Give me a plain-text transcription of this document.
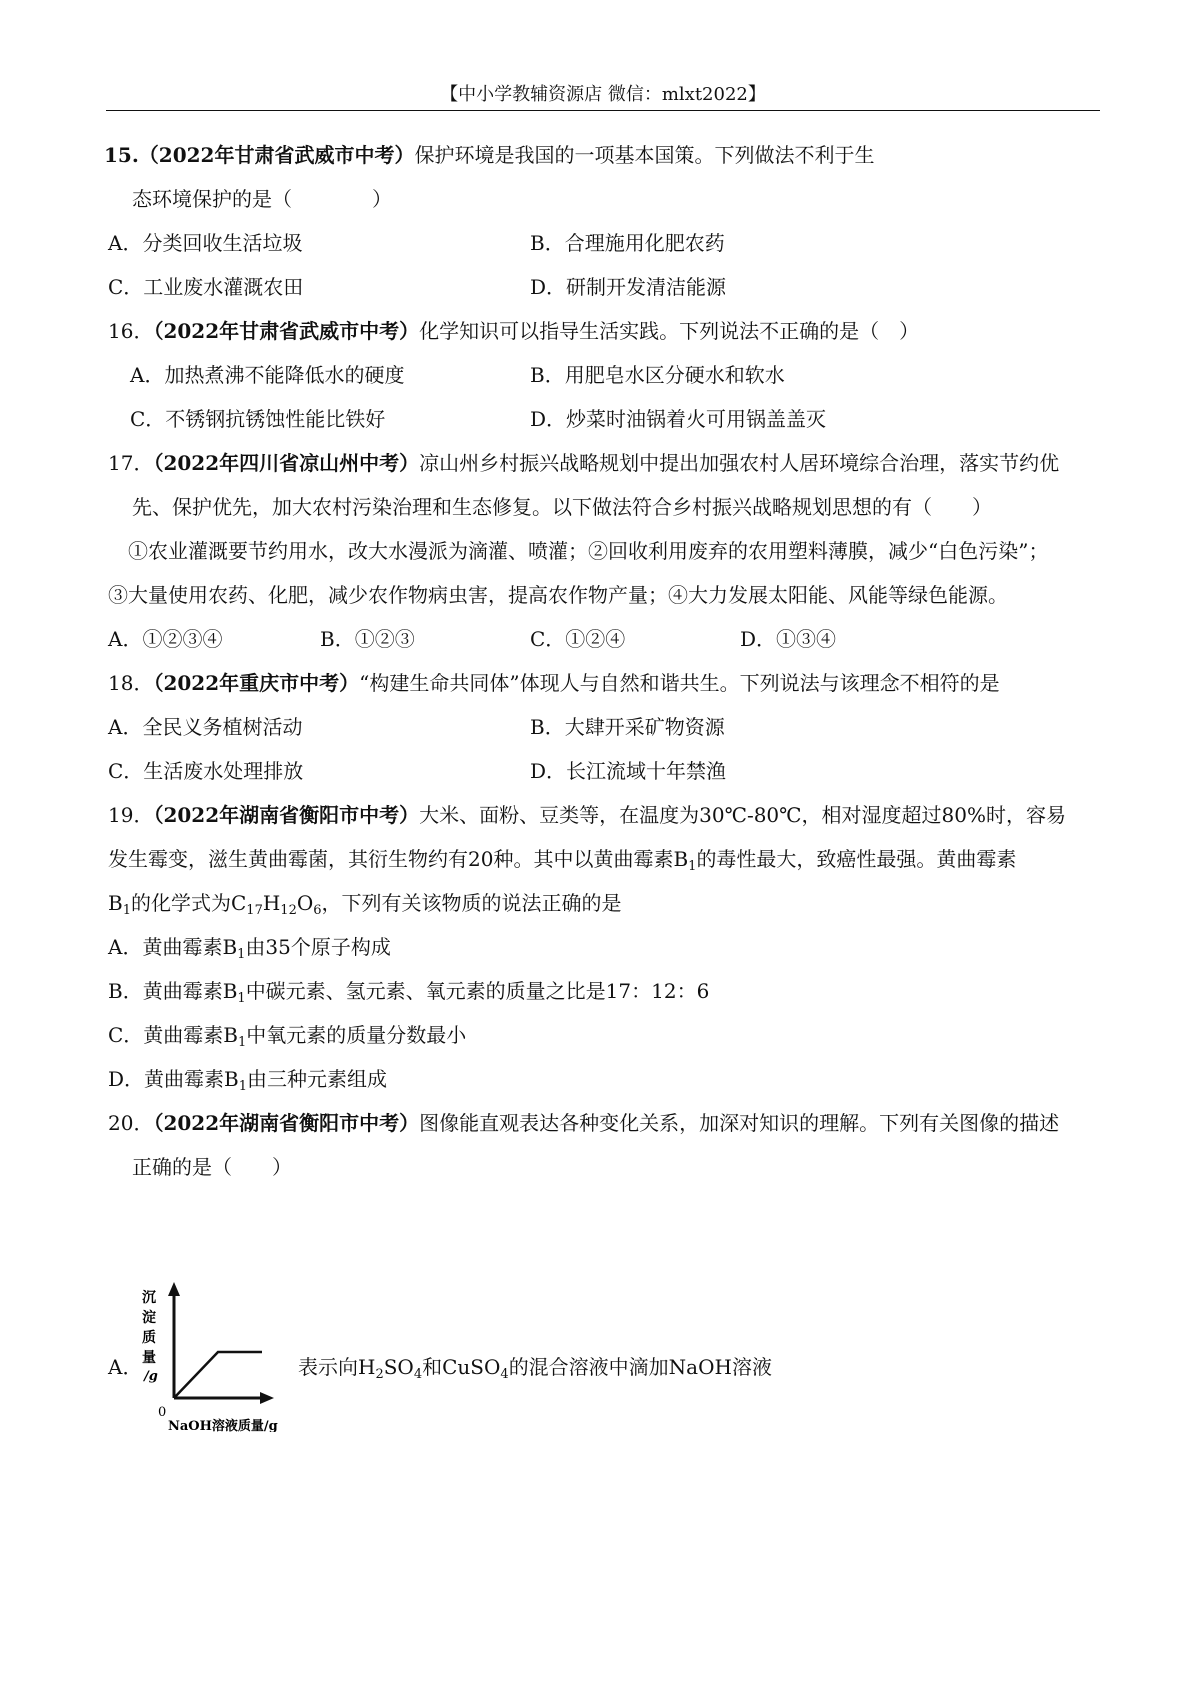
【中小学教辅资源店 微信：mlxt2022】
15.（2022年甘肃省武威市中考）保护环境是我国的一项基本国策。下列做法不利于生
态环境保护的是（　　　　）
A．分类回收生活垃圾	B．合理施用化肥农药
C．工业废水灌溉农田	D．研制开发清洁能源
16．（2022年甘肃省武威市中考）化学知识可以指导生活实践。下列说法不正确的是（　）
A．加热煮沸不能降低水的硬度	B．用肥皂水区分硬水和软水
C．不锈钢抗锈蚀性能比铁好	D．炒菜时油锅着火可用锅盖盖灭
17．（2022年四川省凉山州中考）凉山州乡村振兴战略规划中提出加强农村人居环境综合治理，落实节约优
先、保护优先，加大农村污染治理和生态修复。以下做法符合乡村振兴战略规划思想的有（　　）
①农业灌溉要节约用水，改大水漫派为滴灌、喷灌；②回收利用废弃的农用塑料薄膜，减少“白色污染”；
③大量使用农药、化肥，减少农作物病虫害，提高农作物产量；④大力发展太阳能、风能等绿色能源。
A．①②③④	B．①②③	C．①②④	D．①③④
18．（2022年重庆市中考）“构建生命共同体”体现人与自然和谐共生。下列说法与该理念不相符的是
A．全民义务植树活动	B．大肆开采矿物资源
C．生活废水处理排放	D．长江流域十年禁渔
19．（2022年湖南省衡阳市中考）大米、面粉、豆类等，在温度为30℃-80℃，相对湿度超过80%时，容易
发生霉变，滋生黄曲霉菌，其衍生物约有20种。其中以黄曲霉素$B_1$的毒性最大，致癌性最强。黄曲霉素
$B_1$的化学式为$C_{17}H_{12}O_6$，下列有关该物质的说法正确的是
A．黄曲霉素$B_1$由35个原子构成
B．黄曲霉素$B_1$中碳元素、氢元素、氧元素的质量之比是17：12：6
C．黄曲霉素$B_1$中氧元素的质量分数最小
D．黄曲霉素$B_1$由三种元素组成
20．（2022年湖南省衡阳市中考）图像能直观表达各种变化关系，加深对知识的理解。下列有关图像的描述
正确的是（　　）
A．
沉
淀
质
量
/g
0
NaOH溶液质量/g
表示向$H_2SO_4$和CuSO$_4$的混合溶液中滴加NaOH溶液
